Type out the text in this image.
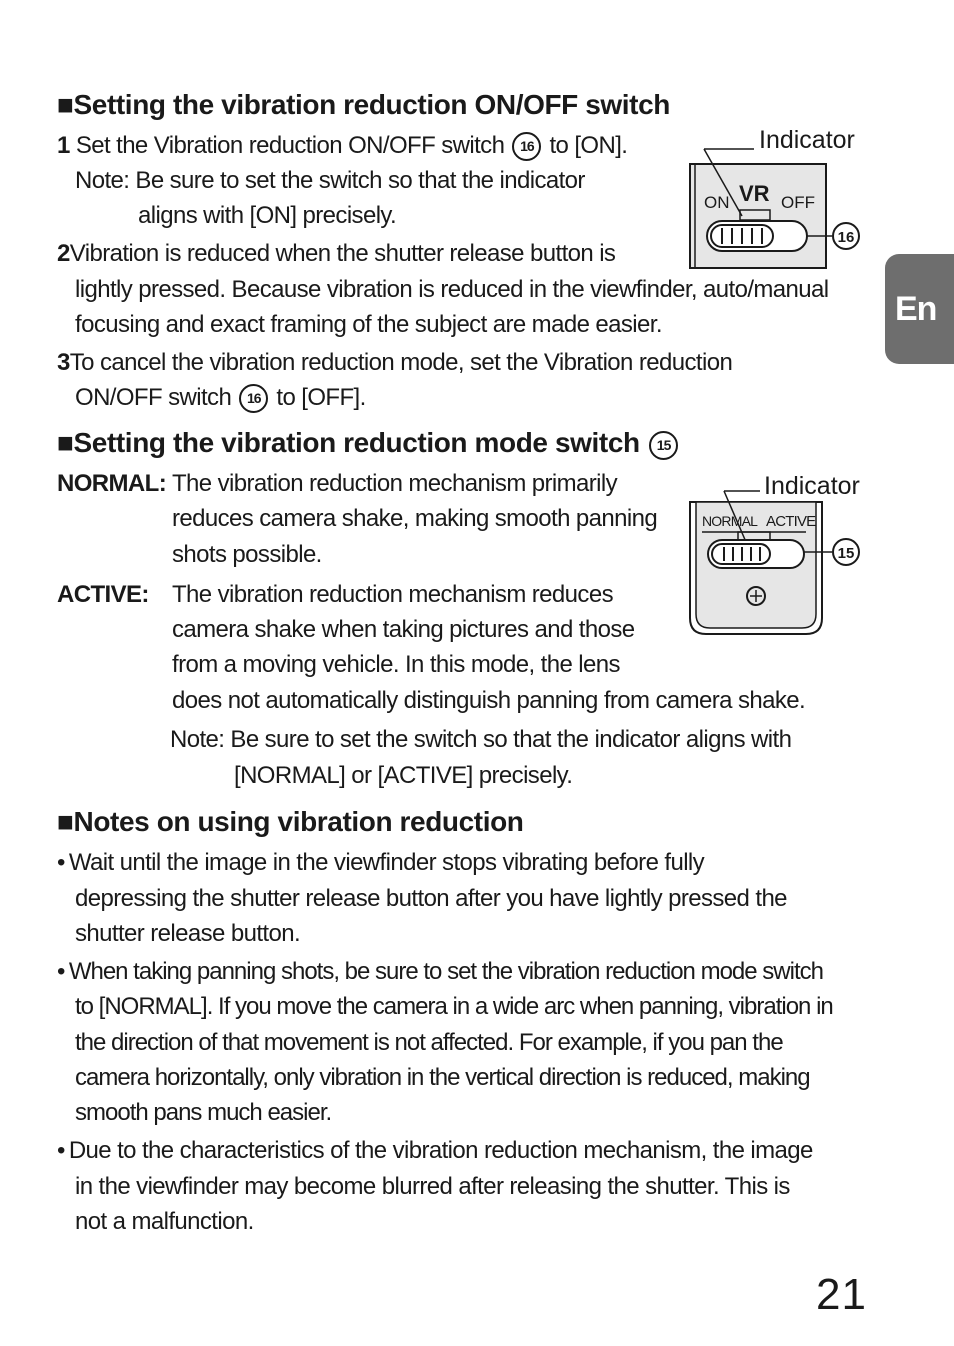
■Setting the vibration reduction ON/OFF switch
1 Set the Vibration reduction ON/OFF switch 16 to [ON].
Note: Be sure to set the switch so that the indicator
aligns with [ON] precisely.
2Vibration is reduced when the shutter release button is
lightly pressed. Because vibration is reduced in the viewfinder, auto/manual
focusing and exact framing of the subject are made easier.
3To cancel the vibration reduction mode, set the Vibration reduction
ON/OFF switch 16 to [OFF].
Indicator
ON VR OFF
16
En
■Setting the vibration reduction mode switch 15
NORMAL: The vibration reduction mechanism primarily
reduces camera shake, making smooth panning
shots possible.
ACTIVE: The vibration reduction mechanism reduces
camera shake when taking pictures and those
from a moving vehicle. In this mode, the lens
does not automatically distinguish panning from camera shake.
Note: Be sure to set the switch so that the indicator aligns with
[NORMAL] or [ACTIVE] precisely.
Indicator
NORMAL ACTIVE
15
■Notes on using vibration reduction
• Wait until the image in the viewfinder stops vibrating before fully
depressing the shutter release button after you have lightly pressed the
shutter release button.
• When taking panning shots, be sure to set the vibration reduction mode switch
to [NORMAL]. If you move the camera in a wide arc when panning, vibration in
the direction of that movement is not affected. For example, if you pan the
camera horizontally, only vibration in the vertical direction is reduced, making
smooth pans much easier.
• Due to the characteristics of the vibration reduction mechanism, the image
in the viewfinder may become blurred after releasing the shutter. This is
not a malfunction.
21
